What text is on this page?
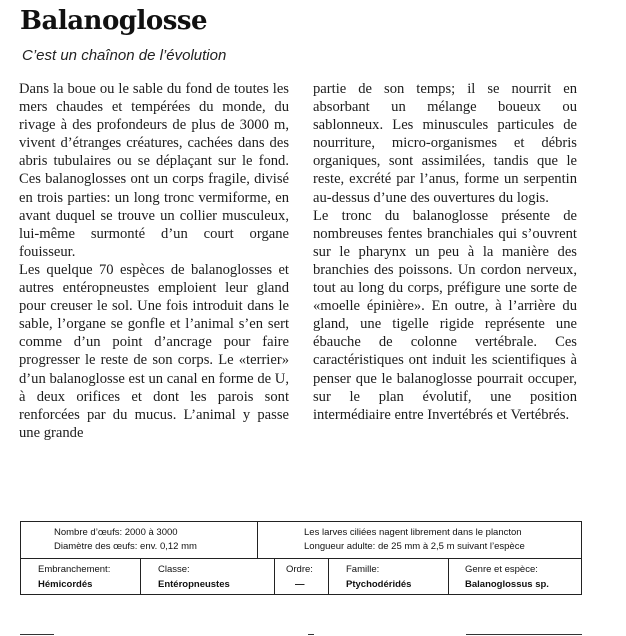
Balanoglosse
C’est un chaînon de l’évolution

Dans la boue ou le sable du fond de toutes les mers chaudes et tempérées du monde, du rivage à des profondeurs de plus de 3000 m, vivent d’étranges créatures, cachées dans des abris tubulaires ou se déplaçant sur le fond. Ces balanoglosses ont un corps fragile, divisé en trois parties: un long tronc vermiforme, en avant duquel se trouve un collier musculeux, lui-même surmonté d’un court organe fouisseur.

Les quelque 70 espèces de balanoglosses et autres entéropneustes emploient leur gland pour creuser le sol. Une fois introduit dans le sable, l’organe se gonfle et l’animal s’en sert comme d’un point d’ancrage pour faire progresser le reste de son corps. Le «terrier» d’un balanoglosse est un canal en forme de U, à deux orifices et dont les parois sont renforcées par du mucus. L’animal y passe une grande

partie de son temps; il se nourrit en absorbant un mélange boueux ou sablonneux. Les minuscules particules de nourriture, micro-organismes et débris organiques, sont assimilées, tandis que le reste, excrété par l’anus, forme un serpentin au-dessus d’une des ouvertures du logis.

Le tronc du balanoglosse présente de nombreuses fentes branchiales qui s’ouvrent sur le pharynx un peu à la manière des branchies des poissons. Un cordon nerveux, tout au long du corps, préfigure une sorte de «moelle épinière». En outre, à l’arrière du gland, une tigelle rigide représente une ébauche de colonne vertébrale. Ces caractéristiques ont induit les scientifiques à penser que le balanoglosse pourrait occuper, sur le plan évolutif, une position intermédiaire entre Invertébrés et Vertébrés.

Nombre d’œufs: 2000 à 3000
Diamètre des œufs: env. 0,12 mm
Les larves ciliées nagent librement dans le plancton
Longueur adulte: de 25 mm à 2,5 m suivant l’espèce
Embranchement:
Hémicordés
Classe:
Entéropneustes
Ordre:
—
Famille:
Ptychodéridés
Genre et espèce:
Balanoglossus sp.
